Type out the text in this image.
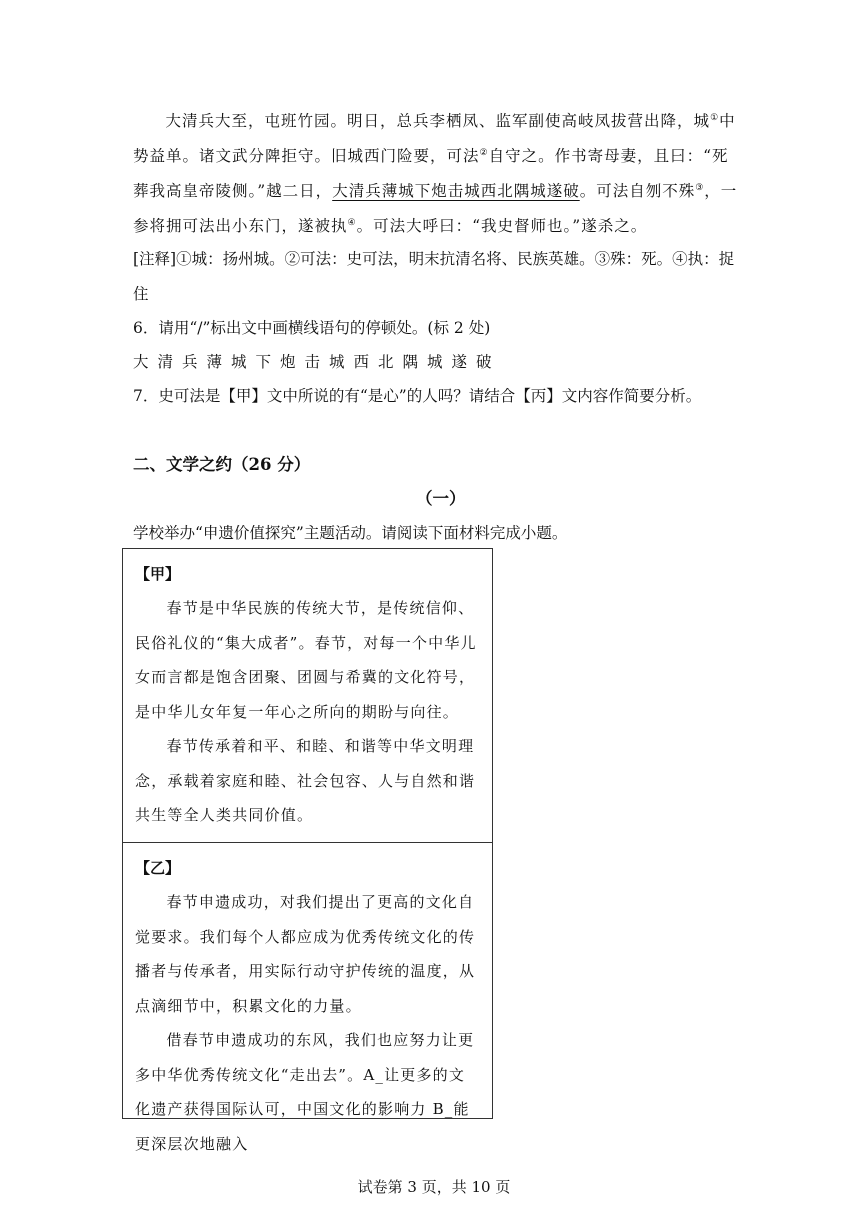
大清兵大至，屯班竹园。明日，总兵李栖凤、监军副使高岐凤拔营出降，城①中势益单。诸文武分陴拒守。旧城西门险要，可法②自守之。作书寄母妻，且曰：“死葬我高皇帝陵侧。”越二日，大清兵薄城下炮击城西北隅城遂破。可法自刎不殊③，一参将拥可法出小东门，遂被执④。可法大呼曰：“我史督师也。”遂杀之。
[注释]①城：扬州城。②可法：史可法，明末抗清名将、民族英雄。③殊：死。④执：捉
住
6．请用“/”标出文中画横线语句的停顿处。(标 2 处)
大清兵薄城下炮击城西北隅城遂破
7．史可法是【甲】文中所说的有“是心”的人吗？请结合【丙】文内容作简要分析。
二、文学之约（26 分）
（一）
学校举办“申遗价值探究”主题活动。请阅读下面材料完成小题。

【甲】

春节是中华民族的传统大节，是传统信仰、民俗礼仪的“集大成者”。春节，对每一个中华儿女而言都是饱含团聚、团圆与希冀的文化符号，是中华儿女年复一年心之所向的期盼与向往。

春节传承着和平、和睦、和谐等中华文明理念，承载着家庭和睦、社会包容、人与自然和谐共生等全人类共同价值。

【乙】

春节申遗成功，对我们提出了更高的文化自觉要求。我们每个人都应成为优秀传统文化的传播者与传承者，用实际行动守护传统的温度，从点滴细节中，积累文化的力量。

借春节申遗成功的东风，我们也应努力让更多中华优秀传统文化“走出去”。A_让更多的文化遗产获得国际认可，中国文化的影响力 B_能更深层次地融入

试卷第 3 页，共 10 页
